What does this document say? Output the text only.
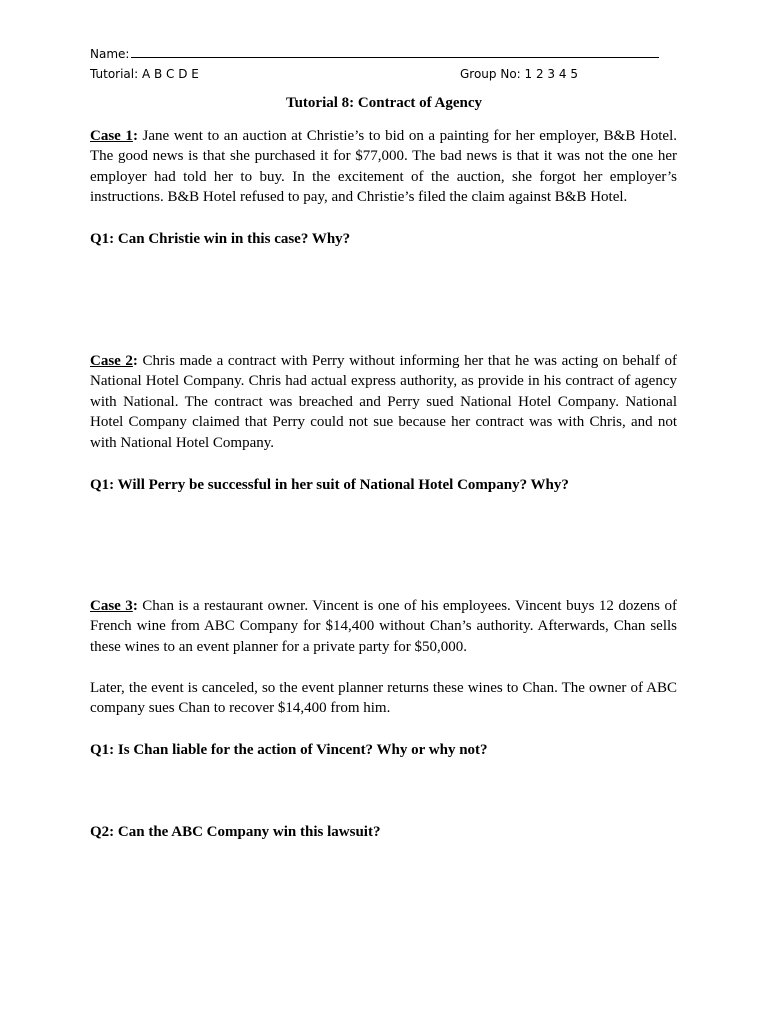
Name:
Tutorial: A B C D E	Group No: 1 2 3 4 5
Tutorial 8: Contract of Agency

Case 1: Jane went to an auction at Christie’s to bid on a painting for her employer, B&B Hotel. The good news is that she purchased it for $77,000. The bad news is that it was not the one her employer had told her to buy. In the excitement of the auction, she forgot her employer’s instructions. B&B Hotel refused to pay, and Christie’s filed the claim against B&B Hotel.

Q1: Can Christie win in this case? Why?

Case 2: Chris made a contract with Perry without informing her that he was acting on behalf of National Hotel Company. Chris had actual express authority, as provide in his contract of agency with National. The contract was breached and Perry sued National Hotel Company. National Hotel Company claimed that Perry could not sue because her contract was with Chris, and not with National Hotel Company.

Q1: Will Perry be successful in her suit of National Hotel Company? Why?

Case 3: Chan is a restaurant owner. Vincent is one of his employees. Vincent buys 12 dozens of French wine from ABC Company for $14,400 without Chan’s authority. Afterwards, Chan sells these wines to an event planner for a private party for $50,000.

Later, the event is canceled, so the event planner returns these wines to Chan. The owner of ABC company sues Chan to recover $14,400 from him.

Q1: Is Chan liable for the action of Vincent? Why or why not?
Q2: Can the ABC Company win this lawsuit?
